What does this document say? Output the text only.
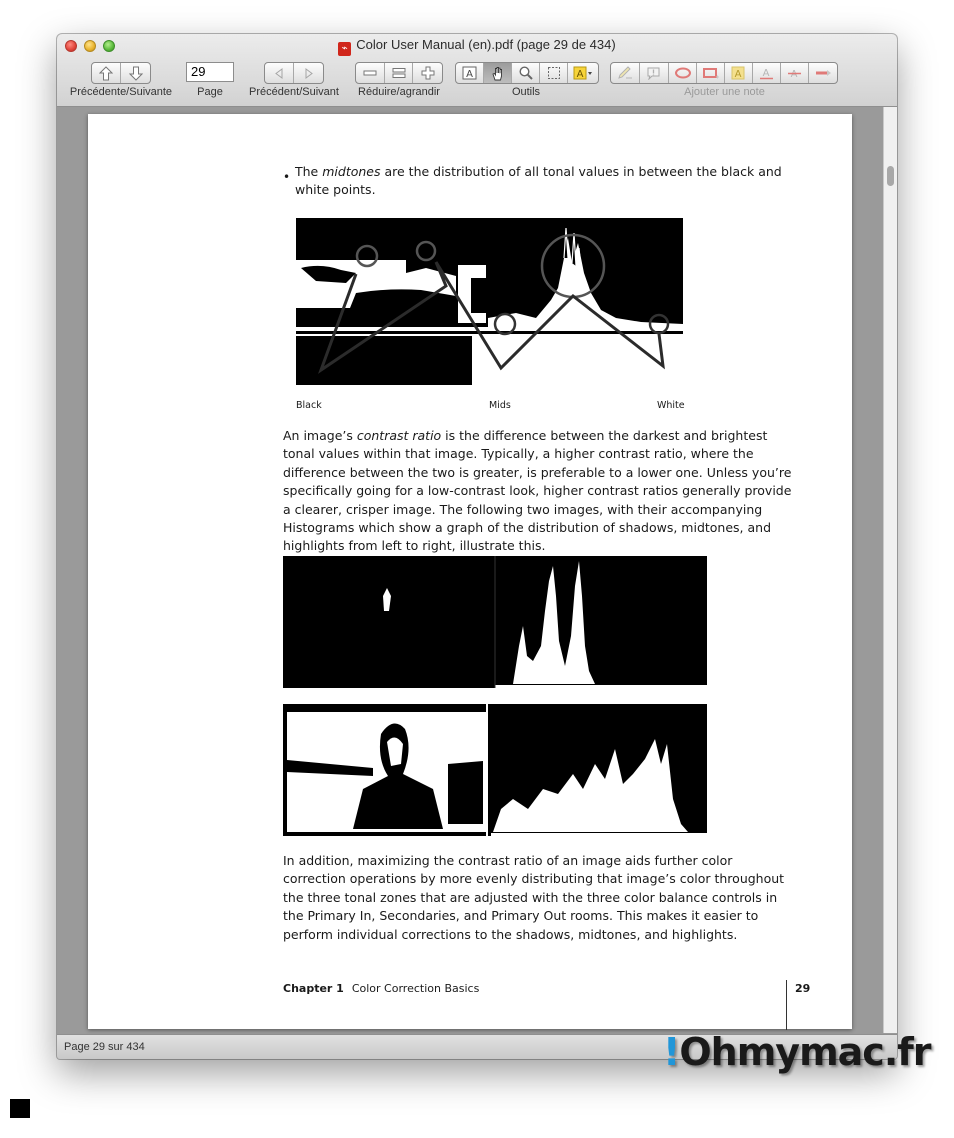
⌁ Color User Manual (en).pdf (page 29 de 434)
Précédente/Suivante
29
Page	Précédent/Suivant	Réduire/agrandir
A	A
Outils
A A A
Ajouter une note
• The midtones are the distribution of all tonal values in between the black and white points.
Black	Mids	White
An image’s contrast ratio is the difference between the darkest and brightest tonal values within that image. Typically, a higher contrast ratio, where the difference between the two is greater, is preferable to a lower one. Unless you’re specifically going for a low-contrast look, higher contrast ratios generally provide a clearer, crisper image. The following two images, with their accompanying Histograms which show a graph of the distribution of shadows, midtones, and highlights from left to right, illustrate this.
In addition, maximizing the contrast ratio of an image aids further color correction operations by more evenly distributing that image’s color throughout the three tonal zones that are adjusted with the three color balance controls in the Primary In, Secondaries, and Primary Out rooms. This makes it easier to perform individual corrections to the shadows, midtones, and highlights.
Chapter 1 Color Correction Basics	29
Page 29 sur 434	!Ohmymac.fr
